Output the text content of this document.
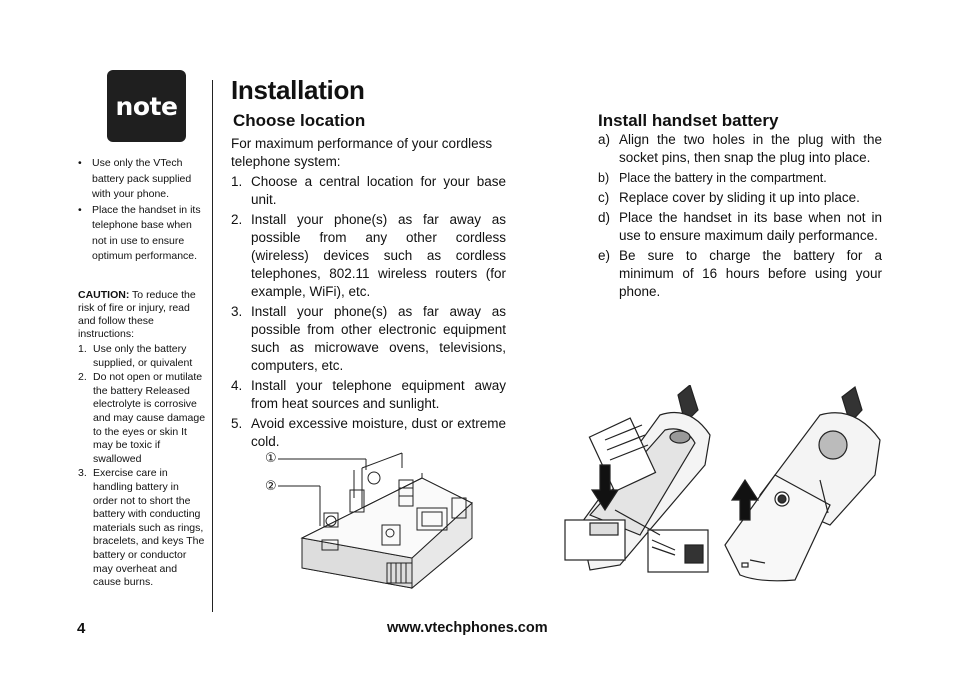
note
• Use only the VTech battery pack supplied with your phone.
• Place the handset in its telephone base when not in use to ensure optimum performance.
CAUTION: To reduce the risk of fire or injury, read and follow these instructions:
1. Use only the battery supplied, or quivalent
2. Do not open or mutilate the battery Released electrolyte is corrosive and may cause damage to the eyes or skin It may be toxic if swallowed
3. Exercise care in handling battery in order not to short the battery with conducting materials such as rings, bracelets, and keys The battery or conductor may overheat and cause burns.
Installation
Choose location	Install handset battery
For maximum performance of your cordless telephone system:
1. Choose a central location for your base unit.
2. Install your phone(s) as far away as possible from any other cordless (wireless) devices such as cordless telephones, 802.11 wireless routers (for example, WiFi), etc.
3. Install your phone(s) as far away as possible from other electronic equipment such as microwave ovens, televisions, computers, etc.
4. Install your telephone equipment away from heat sources and sunlight.
5. Avoid excessive moisture, dust or extreme cold.
a) Align the two holes in the plug with the socket pins, then snap the plug into place.
b) Place the battery in the compartment.
c) Replace cover by sliding it up into place.
d) Place the handset in its base when not in use to ensure maximum daily performance.
e) Be sure to charge the battery for a minimum of 16 hours before using your phone.
①
②
4	www.vtechphones.com
